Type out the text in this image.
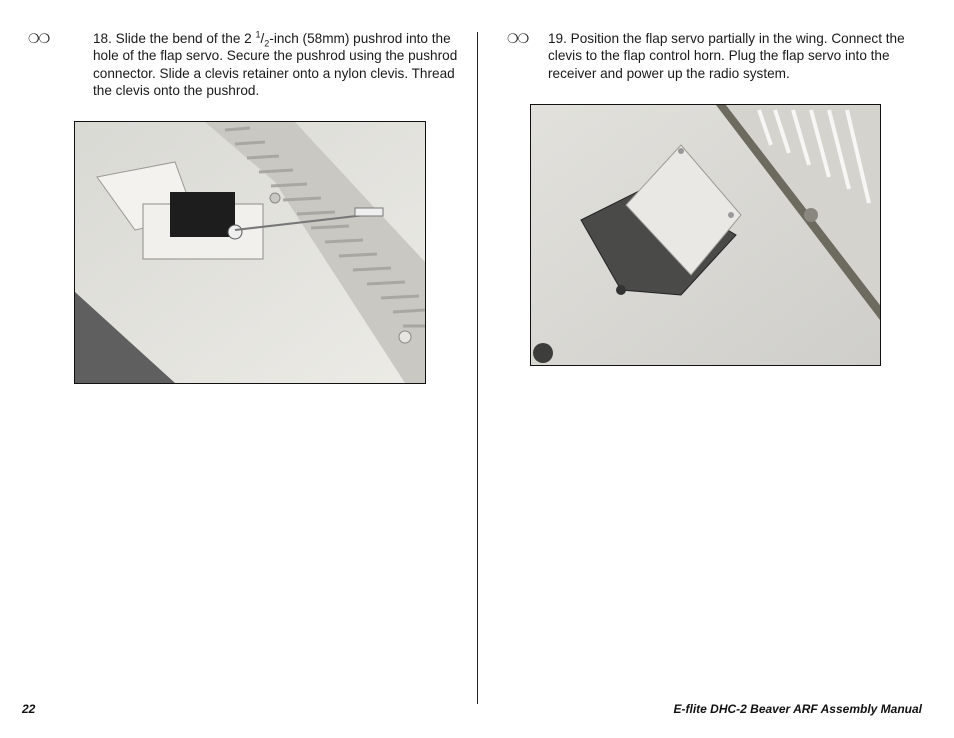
❍❍	18. Slide the bend of the 2 $^1/_2$-inch (58mm) pushrod into the hole of the flap servo. Secure the pushrod using the pushrod connector. Slide a clevis retainer onto a nylon clevis. Thread the clevis onto the pushrod.
❍❍ 19. Position the flap servo partially in the wing. Connect the clevis to the flap control horn. Plug the flap servo into the receiver and power up the radio system.
22	E-flite DHC-2 Beaver ARF Assembly Manual
